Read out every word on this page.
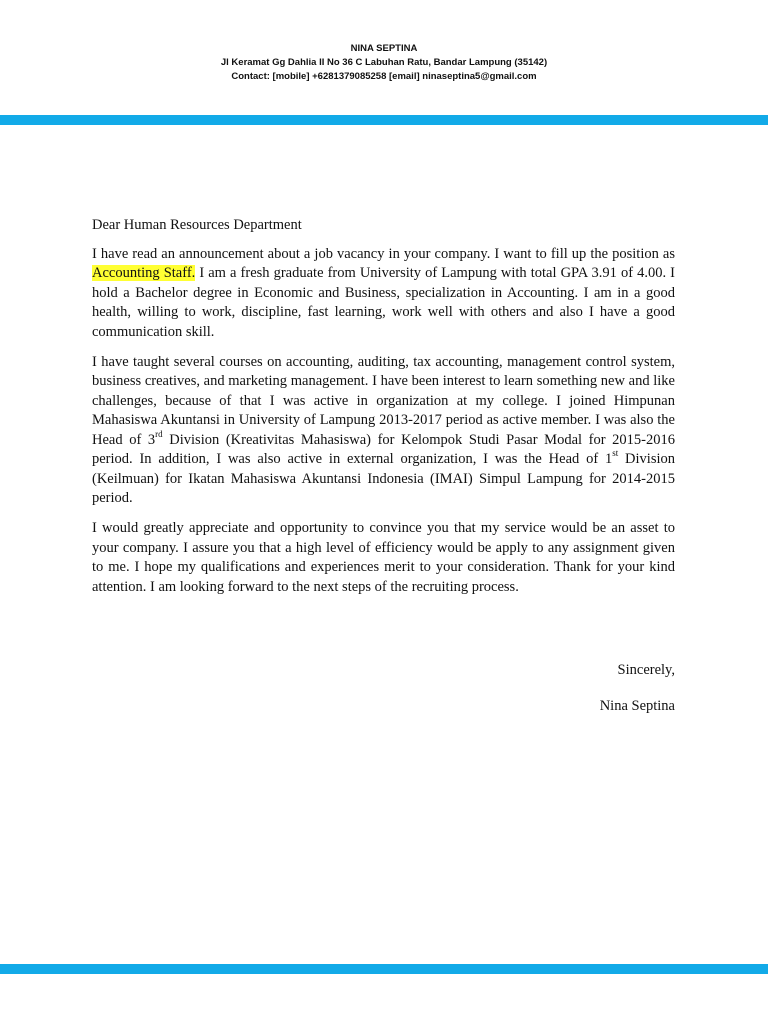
NINA SEPTINA
Jl Keramat Gg Dahlia II No 36 C Labuhan Ratu, Bandar Lampung (35142)
Contact: [mobile] +6281379085258 [email] ninaseptina5@gmail.com

Dear Human Resources Department

I have read an announcement about a job vacancy in your company. I want to fill up the position as Accounting Staff. I am a fresh graduate from University of Lampung with total GPA 3.91 of 4.00. I hold a Bachelor degree in Economic and Business, specialization in Accounting. I am in a good health, willing to work, discipline, fast learning, work well with others and also I have a good communication skill.

I have taught several courses on accounting, auditing, tax accounting, management control system, business creatives, and marketing management. I have been interest to learn something new and like challenges, because of that I was active in organization at my college. I joined Himpunan Mahasiswa Akuntansi in University of Lampung 2013-2017 period as active member. I was also the Head of 3rd Division (Kreativitas Mahasiswa) for Kelompok Studi Pasar Modal for 2015-2016 period. In addition, I was also active in external organization, I was the Head of 1st Division (Keilmuan) for Ikatan Mahasiswa Akuntansi Indonesia (IMAI) Simpul Lampung for 2014-2015 period.

I would greatly appreciate and opportunity to convince you that my service would be an asset to your company. I assure you that a high level of efficiency would be apply to any assignment given to me. I hope my qualifications and experiences merit to your consideration. Thank for your kind attention. I am looking forward to the next steps of the recruiting process.

Sincerely,
Nina Septina
